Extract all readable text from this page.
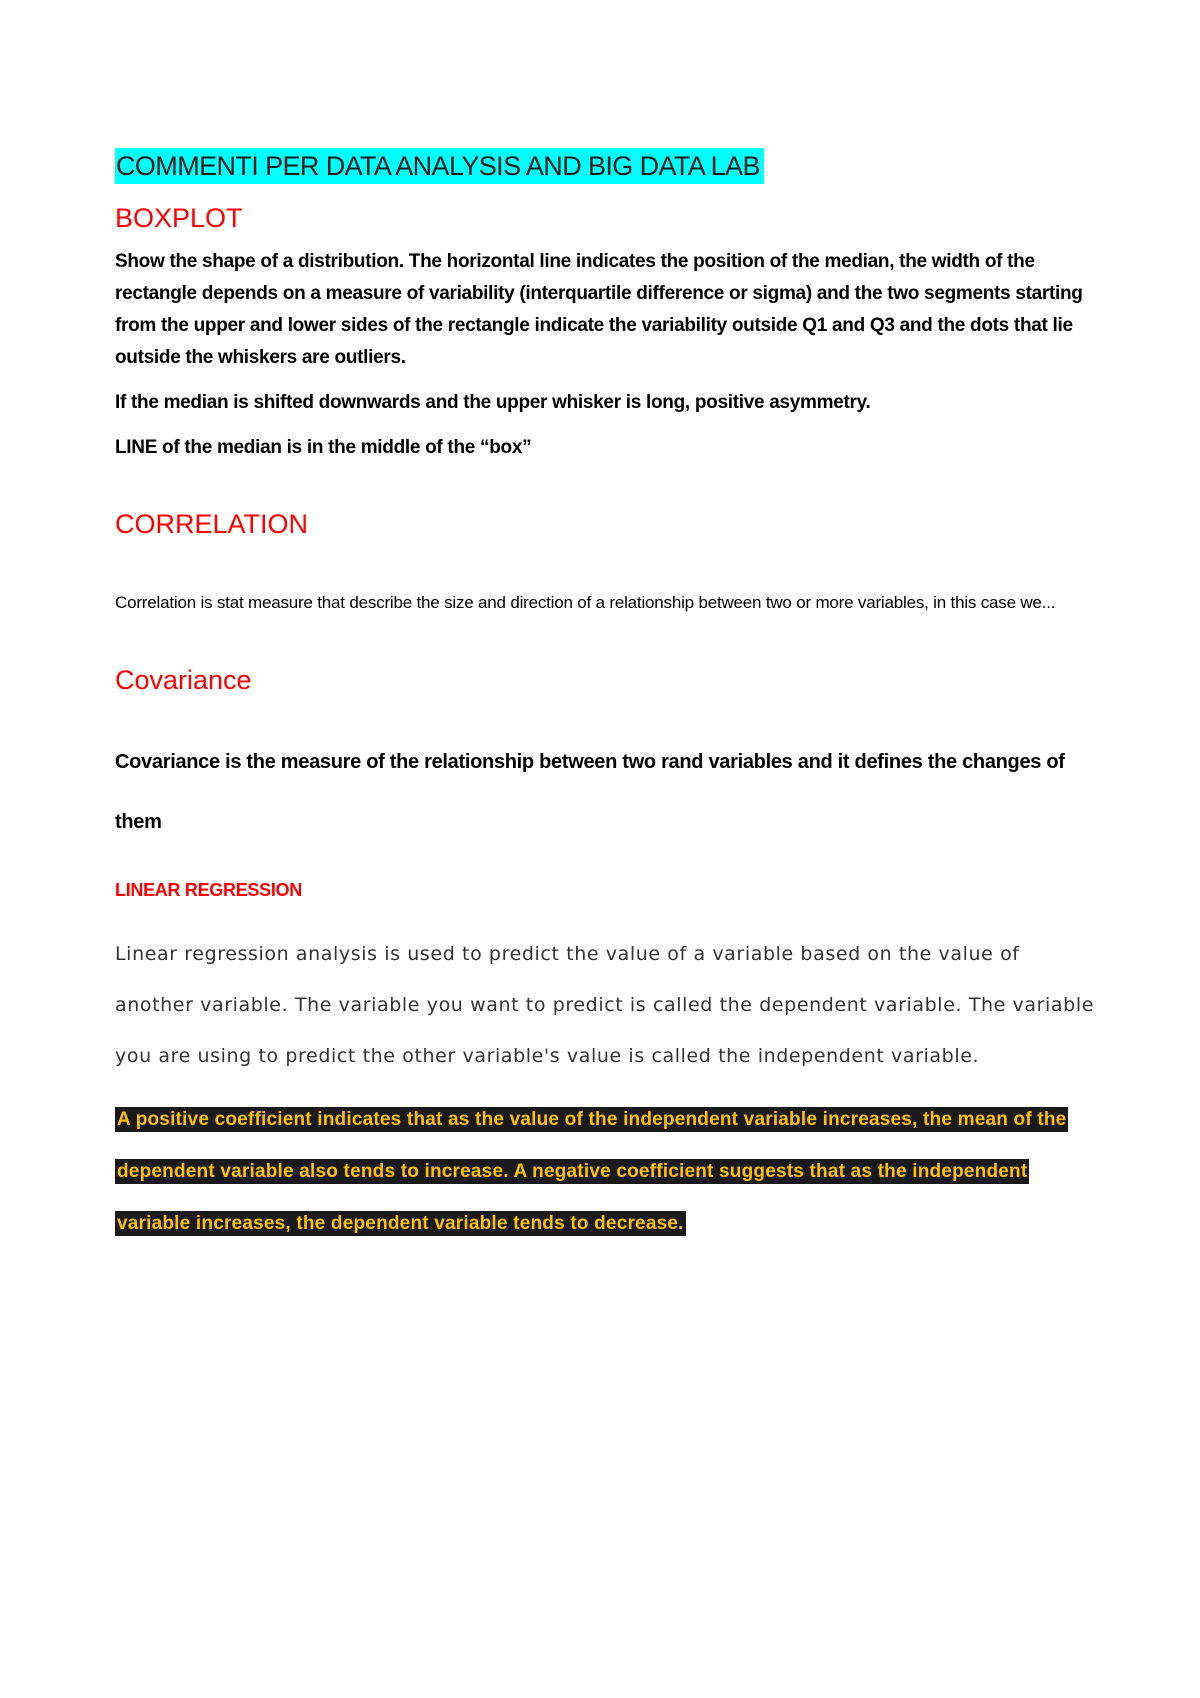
COMMENTI PER DATA ANALYSIS AND BIG DATA LAB
BOXPLOT

Show the shape of a distribution. The horizontal line indicates the position of the median, the width of the rectangle depends on a measure of variability (interquartile difference or sigma) and the two segments starting from the upper and lower sides of the rectangle indicate the variability outside Q1 and Q3 and the dots that lie outside the whiskers are outliers.

If the median is shifted downwards and the upper whisker is long, positive asymmetry.

LINE of the median is in the middle of the “box”

CORRELATION

Correlation is stat measure that describe the size and direction of a relationship between two or more variables, in this case we...

Covariance

Covariance is the measure of the relationship between two rand variables and it defines the changes of them

LINEAR REGRESSION

Linear regression analysis is used to predict the value of a variable based on the value of another variable. The variable you want to predict is called the dependent variable. The variable you are using to predict the other variable's value is called the independent variable.

A positive coefficient indicates that as the value of the independent variable increases, the mean of the dependent variable also tends to increase. A negative coefficient suggests that as the independent variable increases, the dependent variable tends to decrease.
